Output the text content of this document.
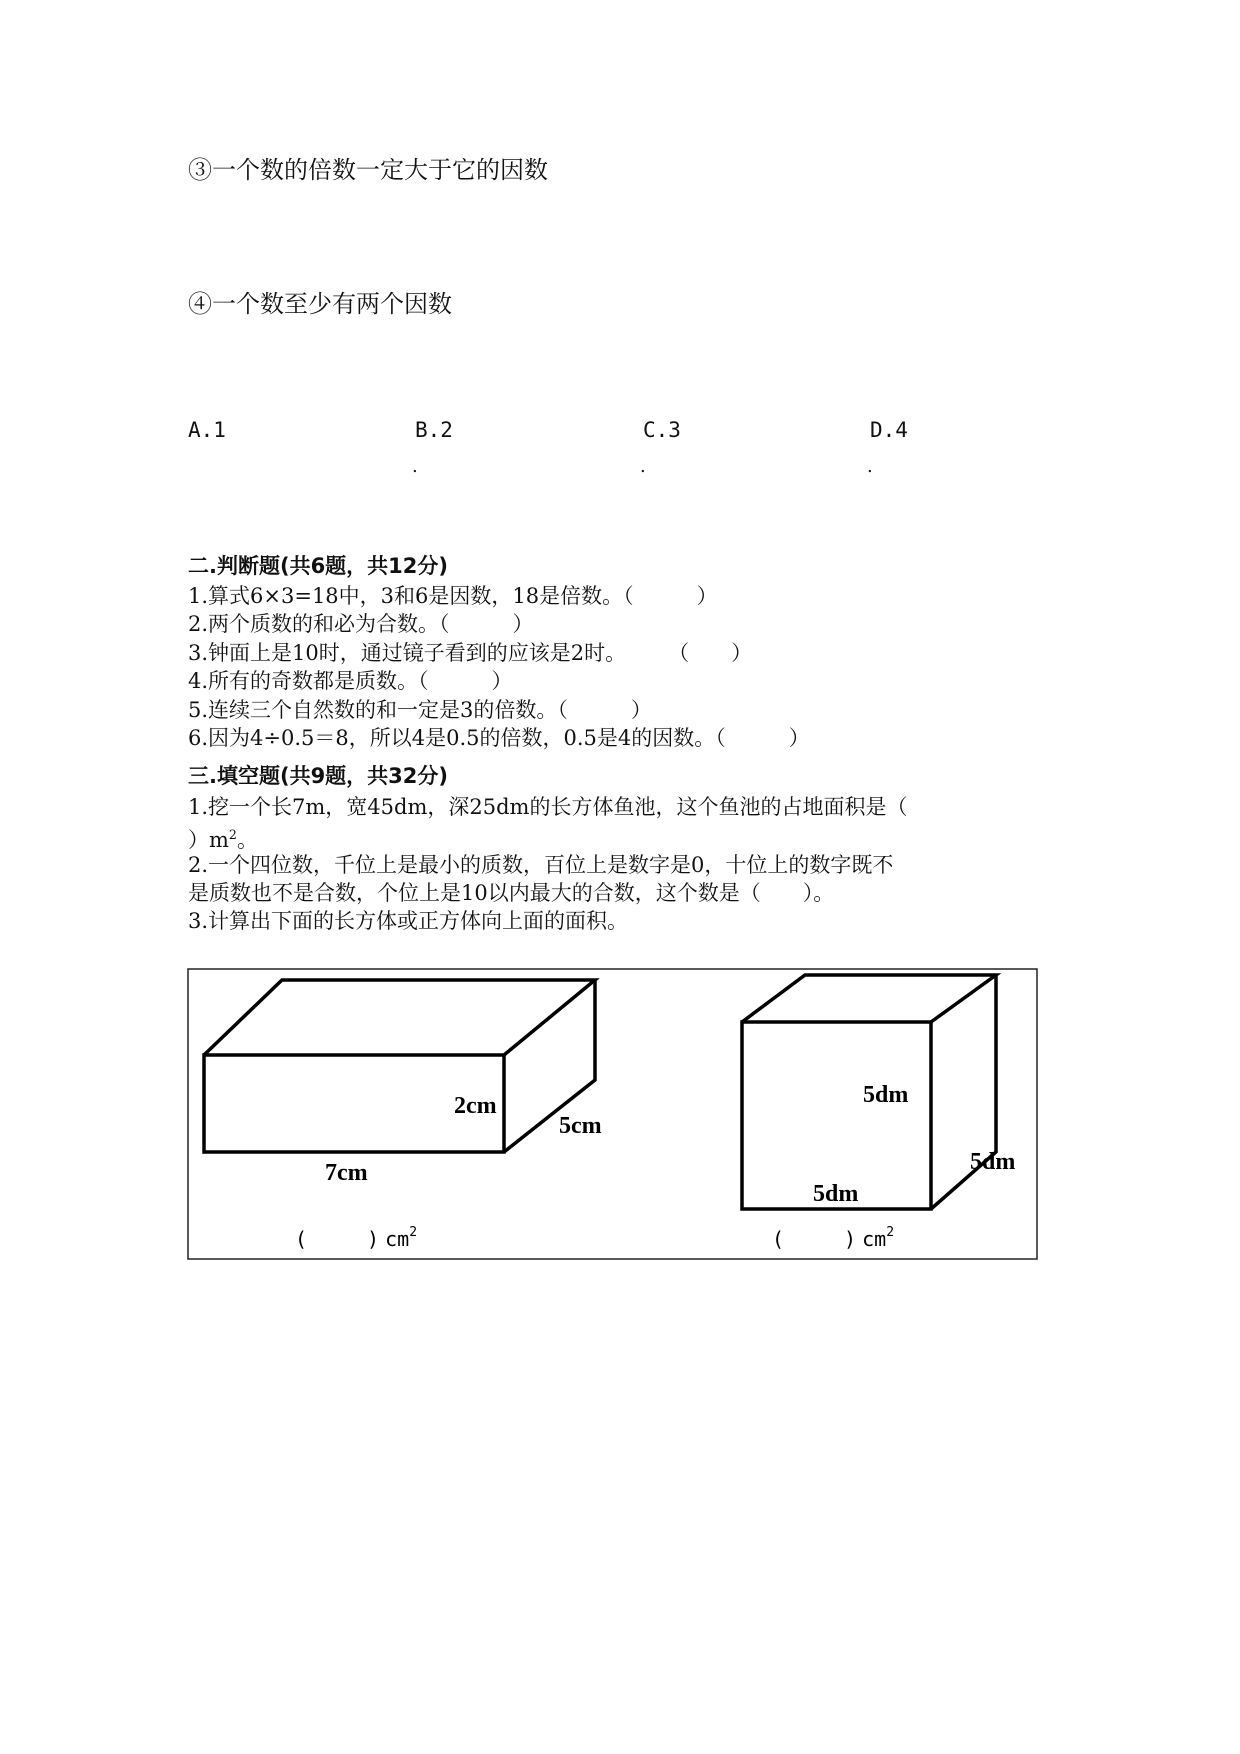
③一个数的倍数一定大于它的因数
④一个数至少有两个因数
A.1	B.2	C.3	D.4
.	.	.
二.判断题(共6题，共12分)
1.算式6×3=18中，3和6是因数，18是倍数。（　　　）
2.两个质数的和必为合数。（　　　）
3.钟面上是10时，通过镜子看到的应该是2时。　　　（　　）
4.所有的奇数都是质数。（　　　）
5.连续三个自然数的和一定是3的倍数。（　　　）
6.因为4÷0.5＝8，所以4是0.5的倍数，0.5是4的因数。（　　　）
三.填空题(共9题，共32分)
1.挖一个长7m，宽45dm，深25dm的长方体鱼池，这个鱼池的占地面积是（
）$m^2$。
2.一个四位数，千位上是最小的质数，百位上是数字是0，十位上的数字既不
是质数也不是合数，个位上是10以内最大的合数，这个数是（　　）。
3.计算出下面的长方体或正方体向上面的面积。
2cm
5cm
7cm
5dm
5dm
5dm
(　　　) $cm^2$	(　　　) $cm^2$
